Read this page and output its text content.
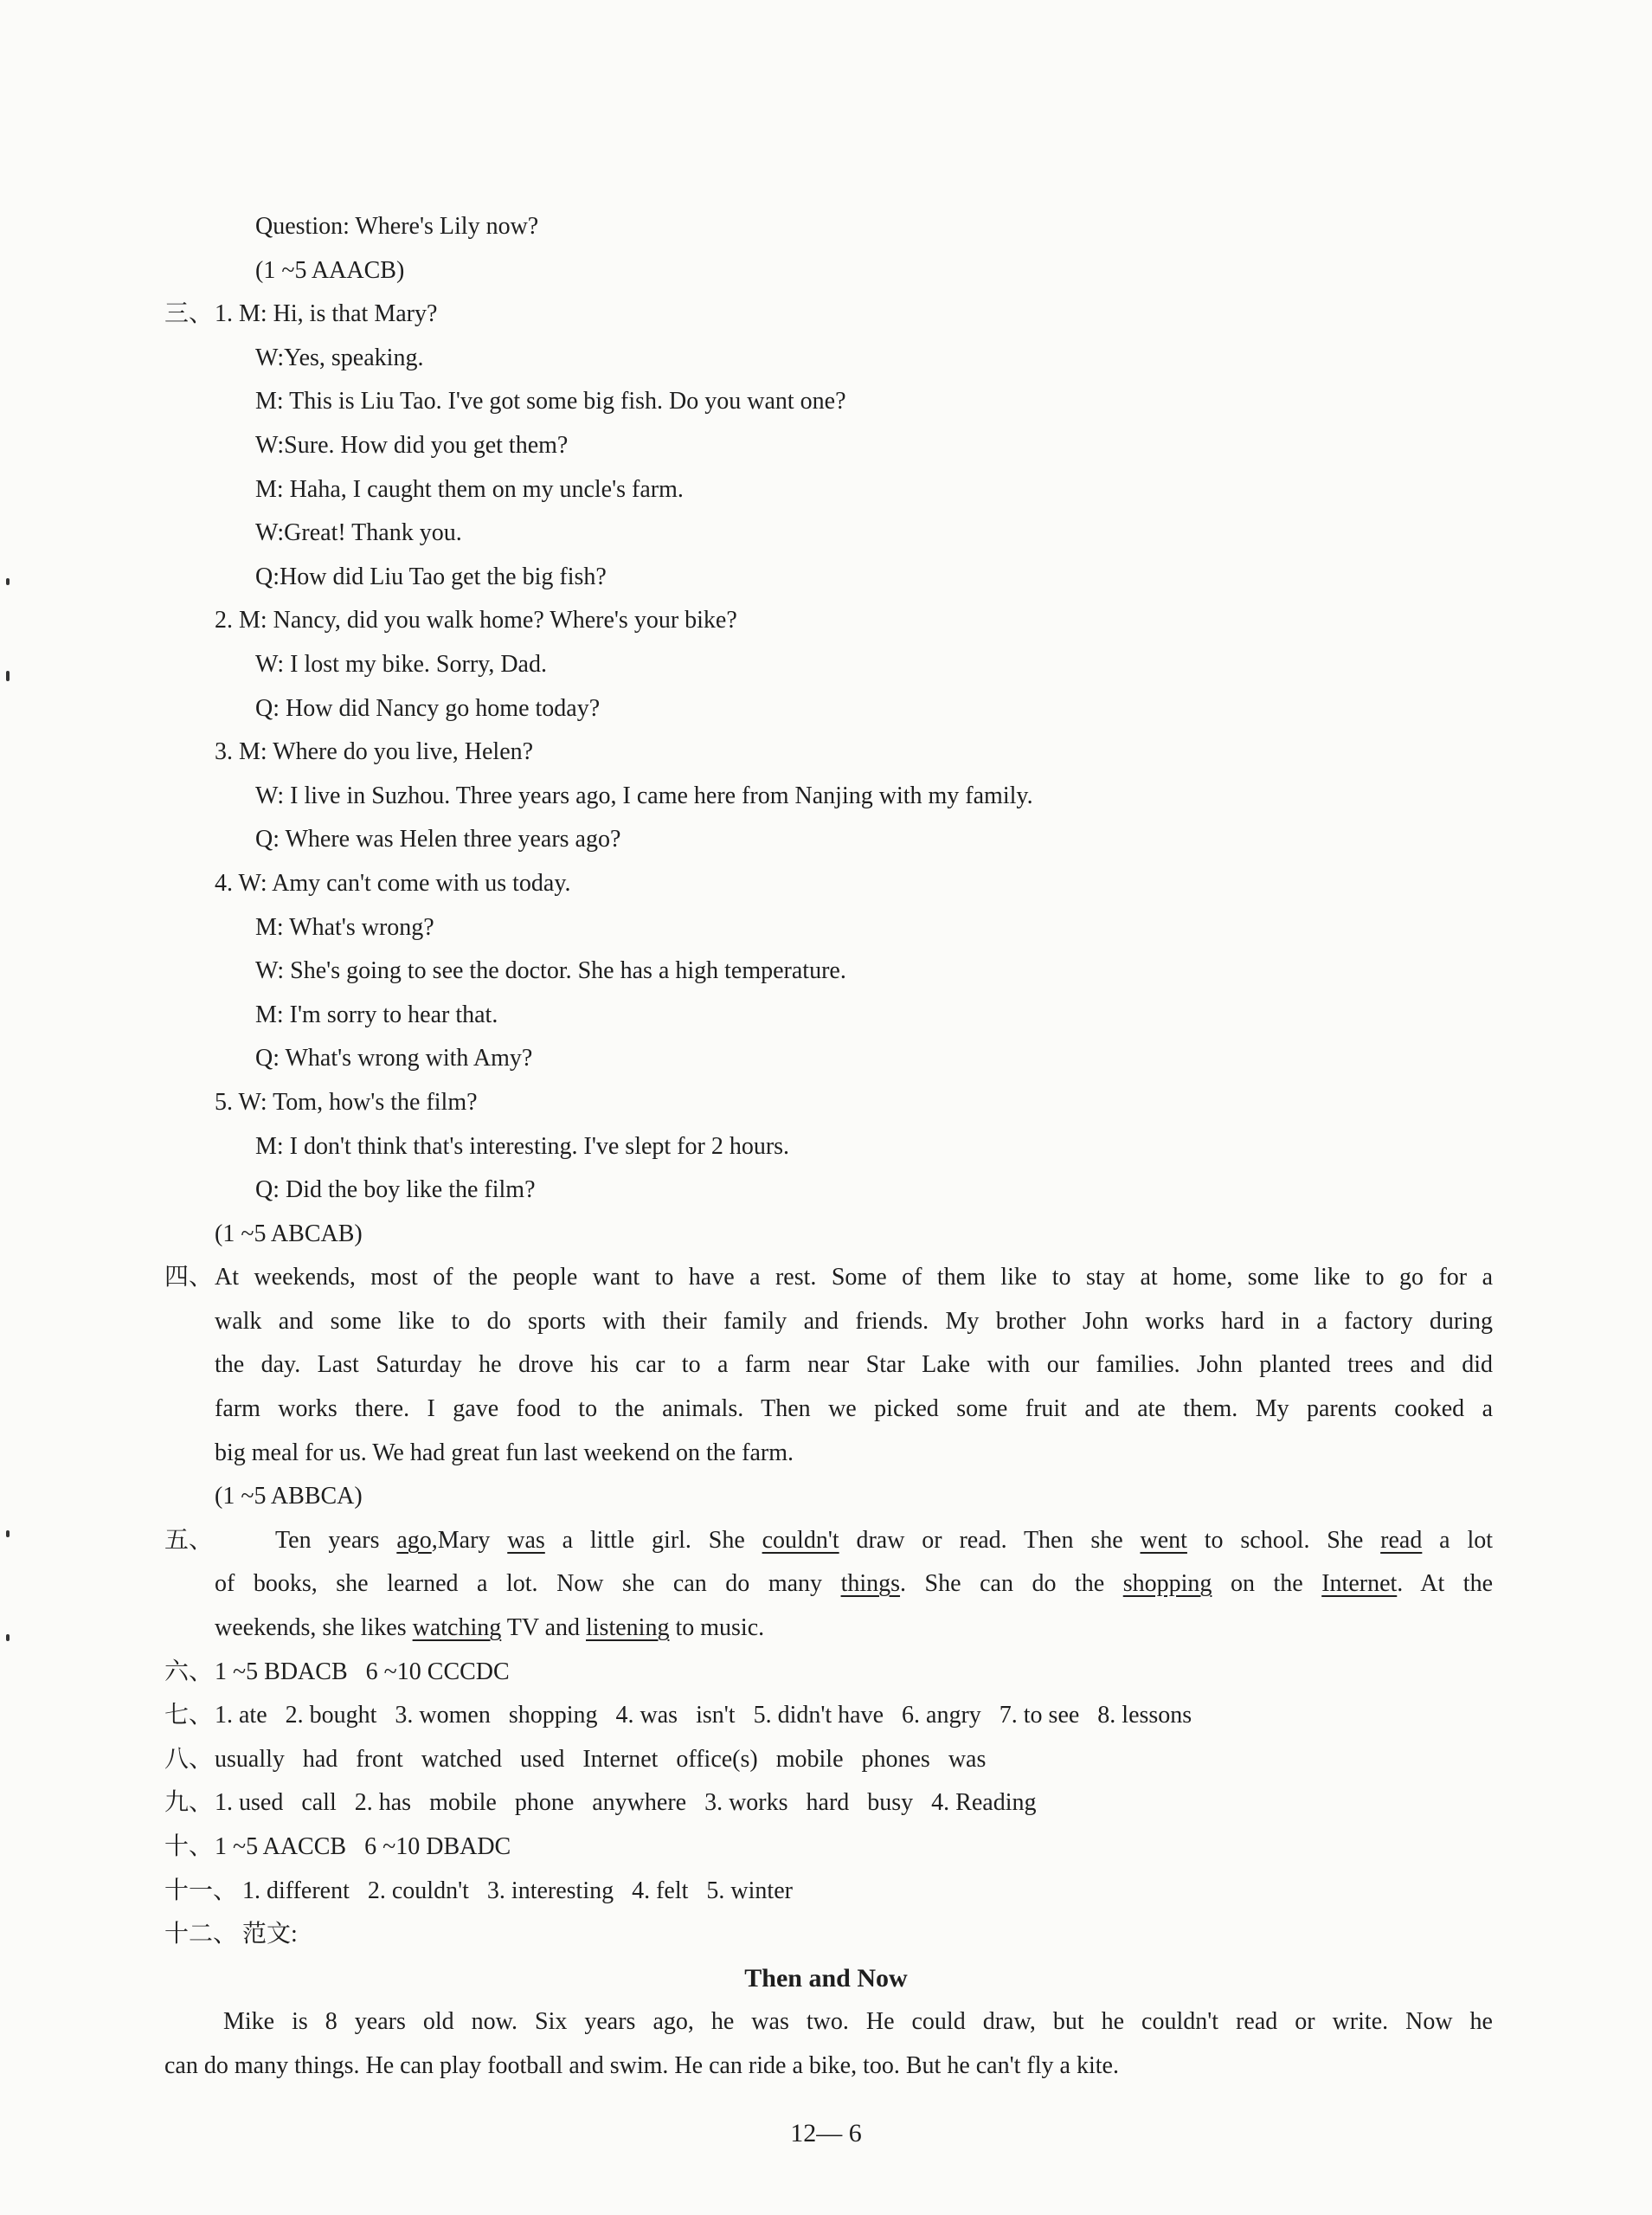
Question: Where's Lily now?
(1 ~5 AAACB)
三、1. M: Hi, is that Mary?
W:Yes, speaking.
M: This is Liu Tao. I've got some big fish. Do you want one?
W:Sure. How did you get them?
M: Haha, I caught them on my uncle's farm.
W:Great! Thank you.
Q:How did Liu Tao get the big fish?
2. M: Nancy, did you walk home? Where's your bike?
W: I lost my bike. Sorry, Dad.
Q: How did Nancy go home today?
3. M: Where do you live, Helen?
W: I live in Suzhou. Three years ago, I came here from Nanjing with my family.
Q: Where was Helen three years ago?
4. W: Amy can't come with us today.
M: What's wrong?
W: She's going to see the doctor. She has a high temperature.
M: I'm sorry to hear that.
Q: What's wrong with Amy?
5. W: Tom, how's the film?
M: I don't think that's interesting. I've slept for 2 hours.
Q: Did the boy like the film?
(1 ~5 ABCAB)
四、At weekends, most of the people want to have a rest. Some of them like to stay at home, some like to go for a
walk and some like to do sports with their family and friends. My brother John works hard in a factory during
the day. Last Saturday he drove his car to a farm near Star Lake with our families. John planted trees and did
farm works there. I gave food to the animals. Then we picked some fruit and ate them. My parents cooked a
big meal for us. We had great fun last weekend on the farm.
(1 ~5 ABBCA)
五、	Ten years ago,Mary was a little girl. She couldn't draw or read. Then she went to school. She read a lot
of books, she learned a lot. Now she can do many things. She can do the shopping on the Internet. At the
weekends, she likes watching TV and listening to music.
六、1 ~5 BDACB   6 ~10 CCCDC
七、1. ate   2. bought   3. women   shopping   4. was   isn't   5. didn't have   6. angry   7. to see   8. lessons
八、usually   had   front   watched   used   Internet   office(s)   mobile   phones   was
九、1. used   call   2. has   mobile   phone   anywhere   3. works   hard   busy   4. Reading
十、1 ~5 AACCB   6 ~10 DBADC
十一、 1. different   2. couldn't   3. interesting   4. felt   5. winter
十二、 范文:
Then and Now
Mike is 8 years old now. Six years ago, he was two. He could draw, but he couldn't read or write. Now he
can do many things. He can play football and swim. He can ride a bike, too. But he can't fly a kite.
12— 6
